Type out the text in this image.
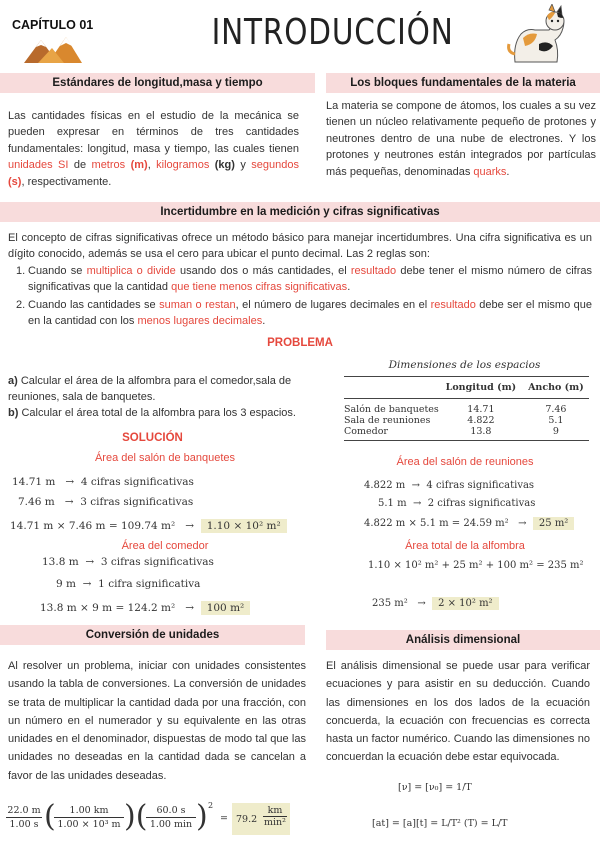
CAPÍTULO 01	INTRODUCCIÓN
Estándares de longitud,masa y tiempo
Las cantidades físicas en el estudio de la mecánica se pueden expresar en términos de tres cantidades fundamentales: longitud, masa y tiempo, las cuales tienen unidades SI de metros (m), kilogramos (kg) y segundos (s), respectivamente.
Los bloques fundamentales de la materia
La materia se compone de átomos, los cuales a su vez tienen un núcleo relativamente pequeño de protones y neutrones dentro de una nube de electrones. Y los protones y neutrones están integrados por partículas más pequeñas, denominadas quarks.
Incertidumbre en la medición y cifras significativas
El concepto de cifras significativas ofrece un método básico para manejar incertidumbres. Una cifra significativa es un dígito conocido, además se usa el cero para ubicar el punto decimal. Las 2 reglas son:
1. Cuando se multiplica o divide usando dos o más cantidades, el resultado debe tener el mismo número de cifras significativas que la cantidad que tiene menos cifras significativas.
2. Cuando las cantidades se suman o restan, el número de lugares decimales en el resultado debe ser el mismo que en la cantidad con los menos lugares decimales.
PROBLEMA
a) Calcular el área de la alfombra para el comedor,sala de reuniones, sala de banquetes.
b) Calcular el área total de la alfombra para los 3 espacios.
Dimensiones de los espacios
	Longitud (m)	Ancho (m)
Salón de banquetes	14.71	7.46
Sala de reuniones	4.822	5.1
Comedor	13.8	9
SOLUCIÓN
Área del salón de banquetes
14.71 m → 4 cifras significativas
7.46 m → 3 cifras significativas
14.71 m × 7.46 m = 109.74 m² → 1.10 × 10² m²
Área del comedor
13.8 m → 3 cifras significativas
9 m → 1 cifra significativa
13.8 m × 9 m = 124.2 m² → 100 m²
Área del salón de reuniones
4.822 m → 4 cifras significativas
5.1 m → 2 cifras significativas
4.822 m × 5.1 m = 24.59 m² → 25 m²
Área total de la alfombra
1.10 × 10² m² + 25 m² + 100 m² = 235 m²
235 m² → 2 × 10² m²
Conversión de unidades
Al resolver un problema, iniciar con unidades consistentes usando la tabla de conversiones. La conversión de unidades se trata de multiplicar la cantidad dada por una fracción, con un número en el numerador y su equivalente en las otras unidades en el denominador, dispuestas de modo tal que las unidades no deseadas en la cantidad dada se cancelan a favor de las unidades deseadas.
22.0 m
1.00 s (	1.00 km
1.00 × 10³ m )( 60.0 s
1.00 min ) 2
= 79.2
km
min²
Análisis dimensional
El análisis dimensional se puede usar para verificar ecuaciones y para asistir en su deducción. Cuando las dimensiones en los dos lados de la ecuación concuerda, la ecuación con frecuencias es correcta hasta un factor numérico. Cuando las dimensiones no concuerdan la ecuación debe estar equivocada.
[ν] = [ν₀] = 1/T
[at] = [a][t] = L/T² (T) = L/T
